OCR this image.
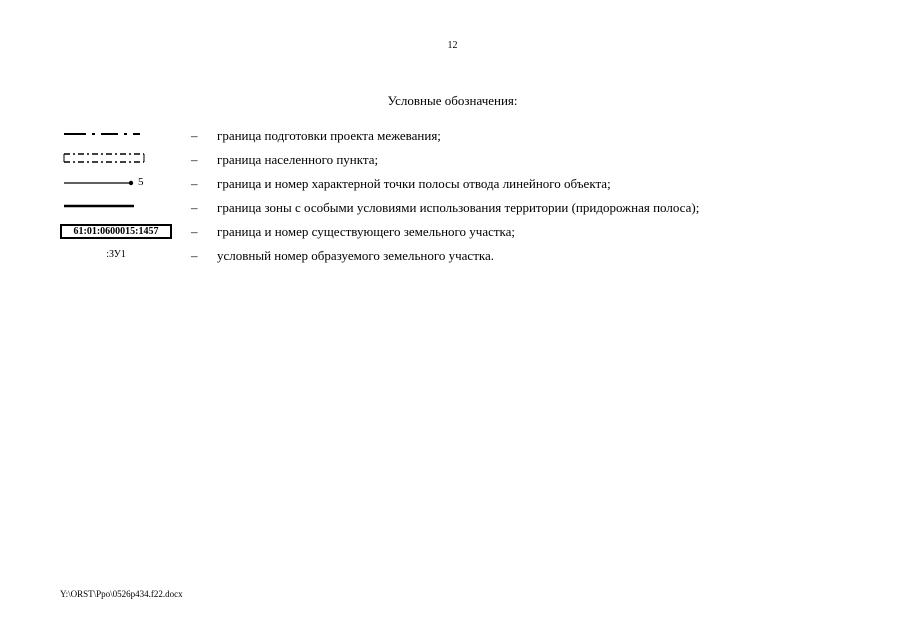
12
Условные обозначения:
– граница подготовки проекта межевания;
– граница населенного пункта;
5	– граница и номер характерной точки полосы отвода линейного объекта;
– граница зоны с особыми условиями использования территории (придорожная полоса);
61:01:0600015:1457	– граница и номер существующего земельного участка;
:ЗУ1	– условный номер образуемого земельного участка.
Y:\ORST\Ppo\0526p434.f22.docx
